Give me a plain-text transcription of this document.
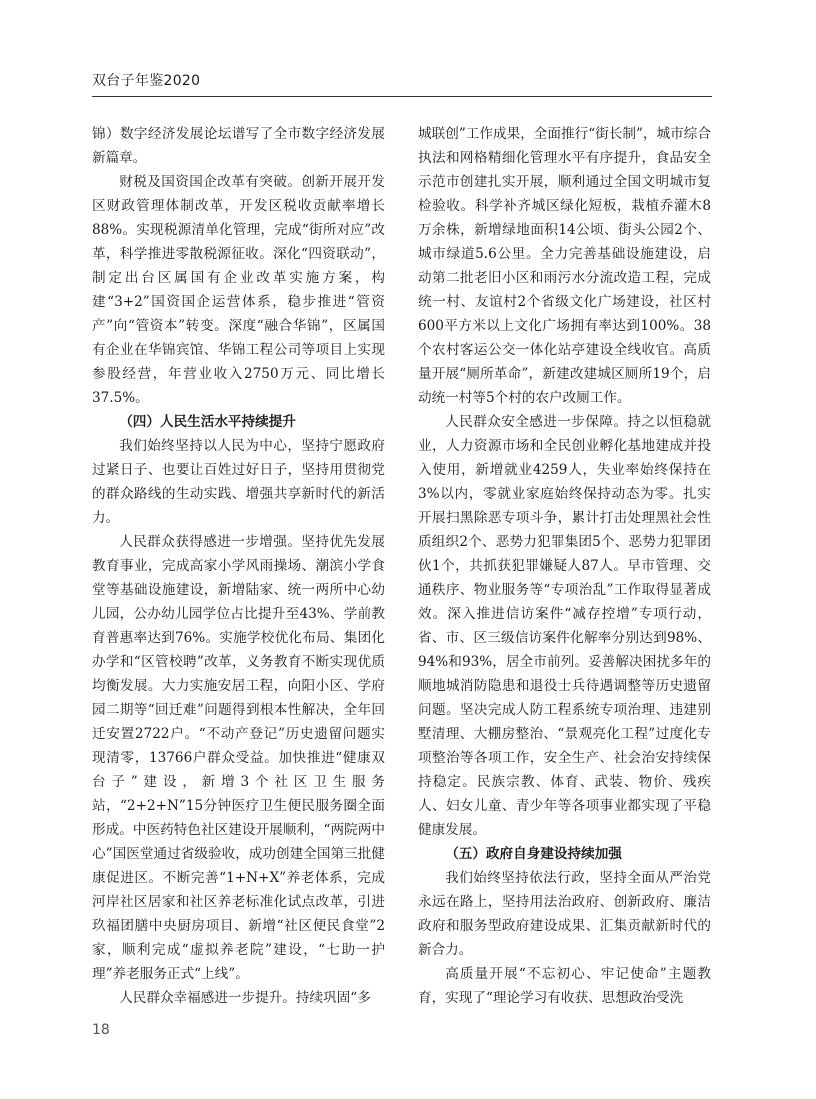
双台子年鉴2020

锦）数字经济发展论坛谱写了全市数字经济发展新篇章。

财税及国资国企改革有突破。创新开展开发区财政管理体制改革，开发区税收贡献率增长88%。实现税源清单化管理，完成“街所对应”改革，科学推进零散税源征收。深化“四资联动”，制定出台区属国有企业改革实施方案，构建“3+2”国资国企运营体系，稳步推进“管资产”向“管资本”转变。深度“融合华锦”，区属国有企业在华锦宾馆、华锦工程公司等项目上实现参股经营，年营业收入2750万元、同比增长37.5%。

（四）人民生活水平持续提升

我们始终坚持以人民为中心，坚持宁愿政府过紧日子、也要让百姓过好日子，坚持用贯彻党的群众路线的生动实践、增强共享新时代的新活力。

人民群众获得感进一步增强。坚持优先发展教育事业，完成高家小学风雨操场、潮滨小学食堂等基础设施建设，新增陆家、统一两所中心幼儿园，公办幼儿园学位占比提升至43%、学前教育普惠率达到76%。实施学校优化布局、集团化办学和“区管校聘”改革，义务教育不断实现优质均衡发展。大力实施安居工程，向阳小区、学府园二期等“回迁难”问题得到根本性解决，全年回迁安置2722户。“不动产登记”历史遗留问题实现清零，13766户群众受益。加快推进“健康双台子”建设，新增3个社区卫生服务站，“2+2+N”15分钟医疗卫生便民服务圈全面形成。中医药特色社区建设开展顺利，“两院两中心”国医堂通过省级验收，成功创建全国第三批健康促进区。不断完善“1+N+X”养老体系，完成河岸社区居家和社区养老标准化试点改革，引进玖福团膳中央厨房项目、新增“社区便民食堂”2家，顺利完成“虚拟养老院”建设，“七助一护理”养老服务正式“上线”。

人民群众幸福感进一步提升。持续巩固“多

城联创”工作成果，全面推行“街长制”，城市综合执法和网格精细化管理水平有序提升，食品安全示范市创建扎实开展，顺利通过全国文明城市复检验收。科学补齐城区绿化短板，栽植乔灌木8万余株，新增绿地面积14公顷、街头公园2个、城市绿道5.6公里。全力完善基础设施建设，启动第二批老旧小区和雨污水分流改造工程，完成统一村、友谊村2个省级文化广场建设，社区村600平方米以上文化广场拥有率达到100%。38个农村客运公交一体化站亭建设全线收官。高质量开展“厕所革命”，新建改建城区厕所19个，启动统一村等5个村的农户改厕工作。

人民群众安全感进一步保障。持之以恒稳就业，人力资源市场和全民创业孵化基地建成并投入使用，新增就业4259人，失业率始终保持在3%以内，零就业家庭始终保持动态为零。扎实开展扫黑除恶专项斗争，累计打击处理黑社会性质组织2个、恶势力犯罪集团5个、恶势力犯罪团伙1个，共抓获犯罪嫌疑人87人。早市管理、交通秩序、物业服务等“专项治乱”工作取得显著成效。深入推进信访案件“减存控增”专项行动，省、市、区三级信访案件化解率分别达到98%、94%和93%，居全市前列。妥善解决困扰多年的顺地城消防隐患和退役士兵待遇调整等历史遗留问题。坚决完成人防工程系统专项治理、违建别墅清理、大棚房整治、“景观亮化工程”过度化专项整治等各项工作，安全生产、社会治安持续保持稳定。民族宗教、体育、武装、物价、残疾人、妇女儿童、青少年等各项事业都实现了平稳健康发展。

（五）政府自身建设持续加强

我们始终坚持依法行政，坚持全面从严治党永远在路上，坚持用法治政府、创新政府、廉洁政府和服务型政府建设成果、汇集贡献新时代的新合力。

高质量开展“不忘初心、牢记使命”主题教育，实现了“理论学习有收获、思想政治受洗

18
